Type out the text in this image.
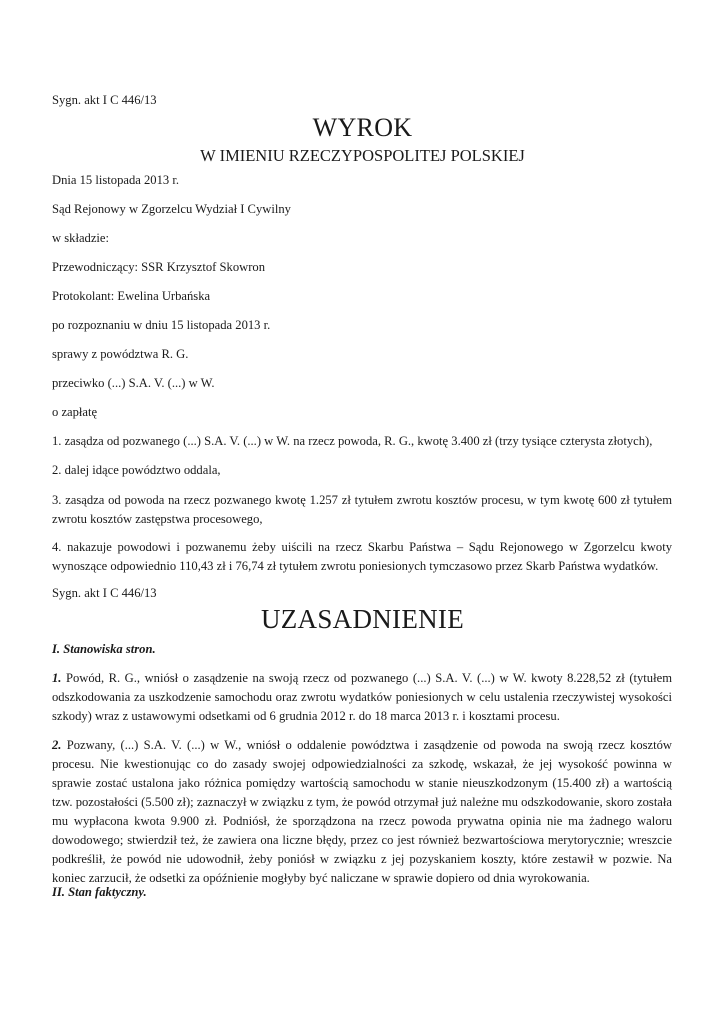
Sygn. akt I C 446/13
WYROK
W IMIENIU RZECZYPOSPOLITEJ POLSKIEJ
Dnia 15 listopada 2013 r.
Sąd Rejonowy w Zgorzelcu Wydział I Cywilny
w składzie:
Przewodniczący: SSR Krzysztof Skowron
Protokolant: Ewelina Urbańska
po rozpoznaniu w dniu 15 listopada 2013 r.
sprawy z powództwa R. G.
przeciwko (...) S.A. V. (...) w W.
o zapłatę
1. zasądza od pozwanego (...) S.A. V. (...) w W. na rzecz powoda, R. G., kwotę 3.400 zł (trzy tysiące czterysta złotych),
2. dalej idące powództwo oddala,
3. zasądza od powoda na rzecz pozwanego kwotę 1.257 zł tytułem zwrotu kosztów procesu, w tym kwotę 600 zł tytułem zwrotu kosztów zastępstwa procesowego,
4. nakazuje powodowi i pozwanemu żeby uiścili na rzecz Skarbu Państwa – Sądu Rejonowego w Zgorzelcu kwoty wynoszące odpowiednio 110,43 zł i 76,74 zł tytułem zwrotu poniesionych tymczasowo przez Skarb Państwa wydatków.
Sygn. akt I C 446/13
UZASADNIENIE
I. Stanowiska stron.
1. Powód, R. G., wniósł o zasądzenie na swoją rzecz od pozwanego (...) S.A. V. (...) w W. kwoty 8.228,52 zł (tytułem odszkodowania za uszkodzenie samochodu oraz zwrotu wydatków poniesionych w celu ustalenia rzeczywistej wysokości szkody) wraz z ustawowymi odsetkami od 6 grudnia 2012 r. do 18 marca 2013 r. i kosztami procesu.
2. Pozwany, (...) S.A. V. (...) w W., wniósł o oddalenie powództwa i zasądzenie od powoda na swoją rzecz kosztów procesu. Nie kwestionując co do zasady swojej odpowiedzialności za szkodę, wskazał, że jej wysokość powinna w sprawie zostać ustalona jako różnica pomiędzy wartością samochodu w stanie nieuszkodzonym (15.400 zł) a wartością tzw. pozostałości (5.500 zł); zaznaczył w związku z tym, że powód otrzymał już należne mu odszkodowanie, skoro została mu wypłacona kwota 9.900 zł. Podniósł, że sporządzona na rzecz powoda prywatna opinia nie ma żadnego waloru dowodowego; stwierdził też, że zawiera ona liczne błędy, przez co jest również bezwartościowa merytorycznie; wreszcie podkreślił, że powód nie udowodnił, żeby poniósł w związku z jej pozyskaniem koszty, które zestawił w pozwie. Na koniec zarzucił, że odsetki za opóźnienie mogłyby być naliczane w sprawie dopiero od dnia wyrokowania.
II. Stan faktyczny.
